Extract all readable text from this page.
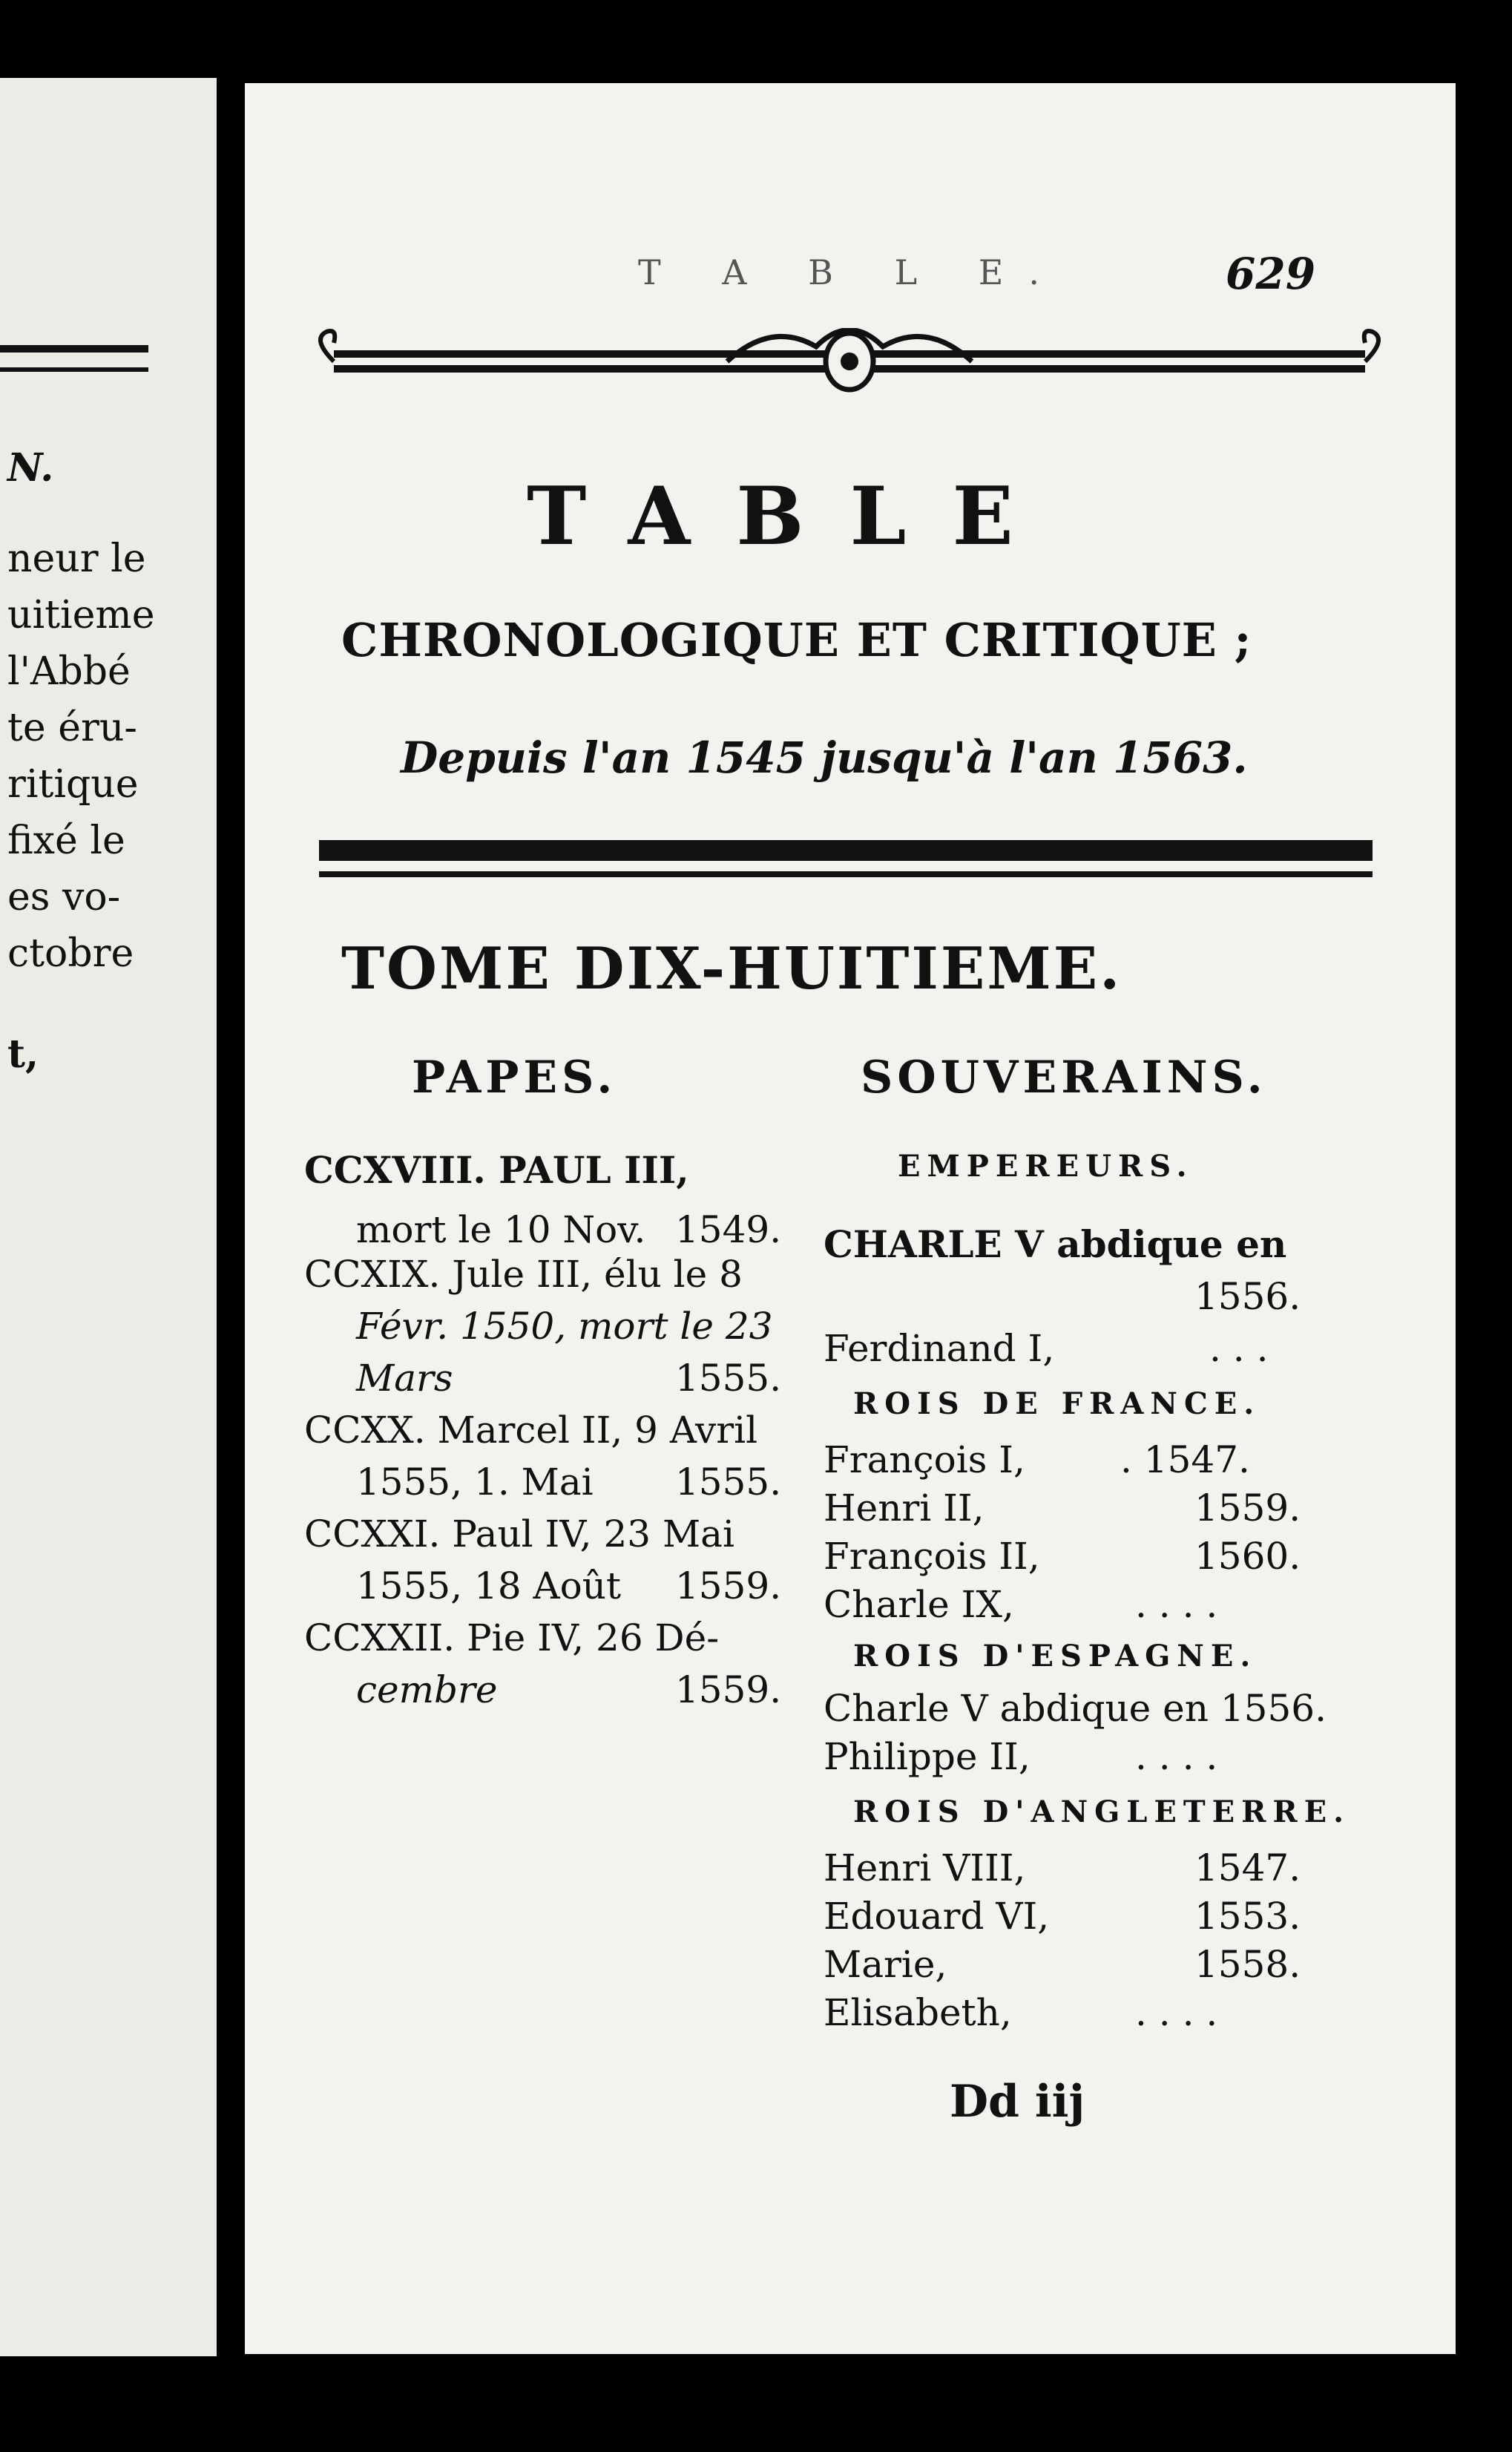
N.
neur le
uitieme
l'Abbé
te éru-
ritique
fixé le
es vo-
ctobre
t,
T A B L E.	629
TABLE
CHRONOLOGIQUE ET CRITIQUE ;
Depuis l'an 1545 jusqu'à l'an 1563.
TOME DIX-HUITIEME.
PAPES.
CCXVIII. PAUL III,
mort le 10 Nov. 1549.
CCXIX. Jule III, élu le 8
Févr. 1550, mort le 23
Mars	1555.
CCXX. Marcel II, 9 Avril
1555, 1. Mai 1555.
CCXXI. Paul IV, 23 Mai
1555, 18 Août 1559.
CCXXII. Pie IV, 26 Dé-
cembre	1559.
SOUVERAINS.
EMPEREURS.
CHARLE V abdique en
1556.
Ferdinand I,	. . .
ROIS DE FRANCE.
François I,	. 1547.
Henri II,	1559.
François II,	1560.
Charle IX,	. . . .
ROIS D'ESPAGNE.
Charle V abdique en 1556.
Philippe II,	. . . .
ROIS D'ANGLETERRE.
Henri VIII,	1547.
Edouard VI,	1553.
Marie,	1558.
Elisabeth,	. . . .
Dd iij
